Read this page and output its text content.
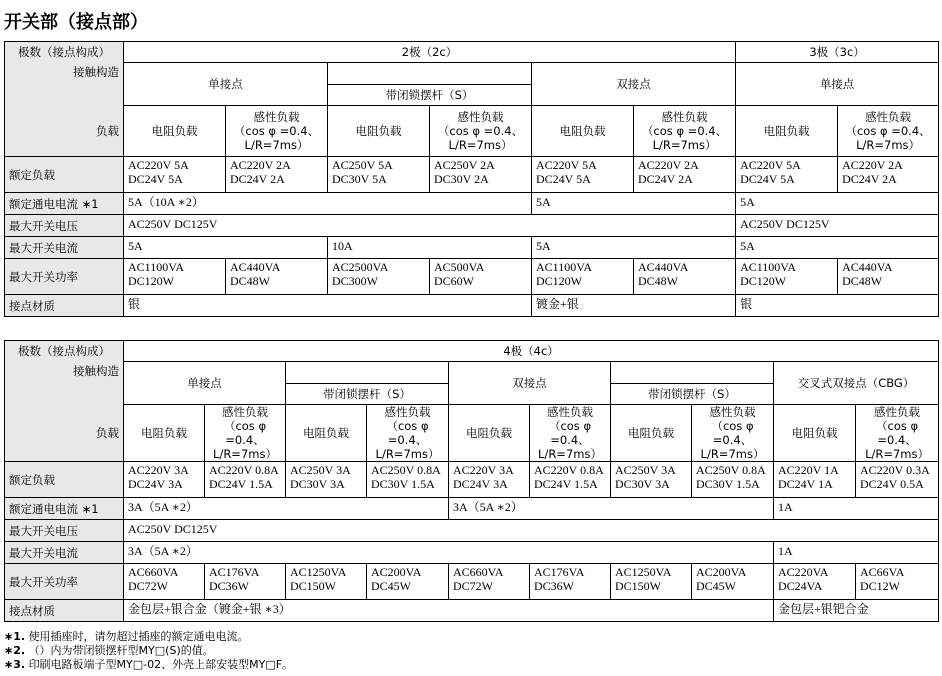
开关部（接点部）
极数（接点构成）	2极（2c）						3极（3c）	
接触构造	单接点				双接点		单接点	
			带闭锁摆杆（S）					
负载	电阻负载	感性负载
（cos φ =0.4、
L/R=7ms）	电阻负载	感性负载
（cos φ =0.4、
L/R=7ms）	电阻负载	感性负载
（cos φ =0.4、
L/R=7ms）	电阻负载	感性负载
（cos φ =0.4、
L/R=7ms）
额定负载	AC220V 5A
DC24V 5A	AC220V 2A
DC24V 2A	AC250V 5A
DC30V 5A	AC250V 2A
DC30V 2A	AC220V 5A
DC24V 5A	AC220V 2A
DC24V 2A	AC220V 5A
DC24V 5A	AC220V 2A
DC24V 2A
额定通电电流 ∗1	5A（10A ∗2）				5A		5A	
最大开关电压	AC250V DC125V						AC250V DC125V	
最大开关电流	5A		10A		5A		5A	
最大开关功率	AC1100VA
DC120W	AC440VA
DC48W	AC2500VA
DC300W	AC500VA
DC60W	AC1100VA
DC120W	AC440VA
DC48W	AC1100VA
DC120W	AC440VA
DC48W
接点材质	银				镀金+银		银	
极数（接点构成）	4极（4c）									
接触构造	单接点				双接点				交叉式双接点（CBG）	
			带闭锁摆杆（S）				带闭锁摆杆（S）			
负载	电阻负载	感性负载
（cos φ =0.4、
L/R=7ms）	电阻负载	感性负载
（cos φ =0.4、
L/R=7ms）	电阻负载	感性负载
（cos φ =0.4、
L/R=7ms）	电阻负载	感性负载
（cos φ =0.4、
L/R=7ms）	电阻负载	感性负载
（cos φ =0.4、
L/R=7ms）
额定负载	AC220V 3A
DC24V 3A	AC220V 0.8A
DC24V 1.5A	AC250V 3A
DC30V 3A	AC250V 0.8A
DC30V 1.5A	AC220V 3A
DC24V 3A	AC220V 0.8A
DC24V 1.5A	AC250V 3A
DC30V 3A	AC250V 0.8A
DC30V 1.5A	AC220V 1A
DC24V 1A	AC220V 0.3A
DC24V 0.5A
额定通电电流 ∗1	3A（5A ∗2）				3A（5A ∗2）				1A	
最大开关电压	AC250V DC125V									
最大开关电流	3A（5A ∗2）								1A	
最大开关功率	AC660VA
DC72W	AC176VA
DC36W	AC1250VA
DC150W	AC200VA
DC45W	AC660VA
DC72W	AC176VA
DC36W	AC1250VA
DC150W	AC200VA
DC45W	AC220VA
DC24VA	AC66VA
DC12W
接点材质	金包层+银合金（镀金+银 ∗3）								金包层+银钯合金	
∗1. 使用插座时，请勿超过插座的额定通电电流。
∗2. （）内为带闭锁摆杆型MY□(S)的值。
∗3. 印刷电路板端子型MY□-02、外壳上部安装型MY□F。
